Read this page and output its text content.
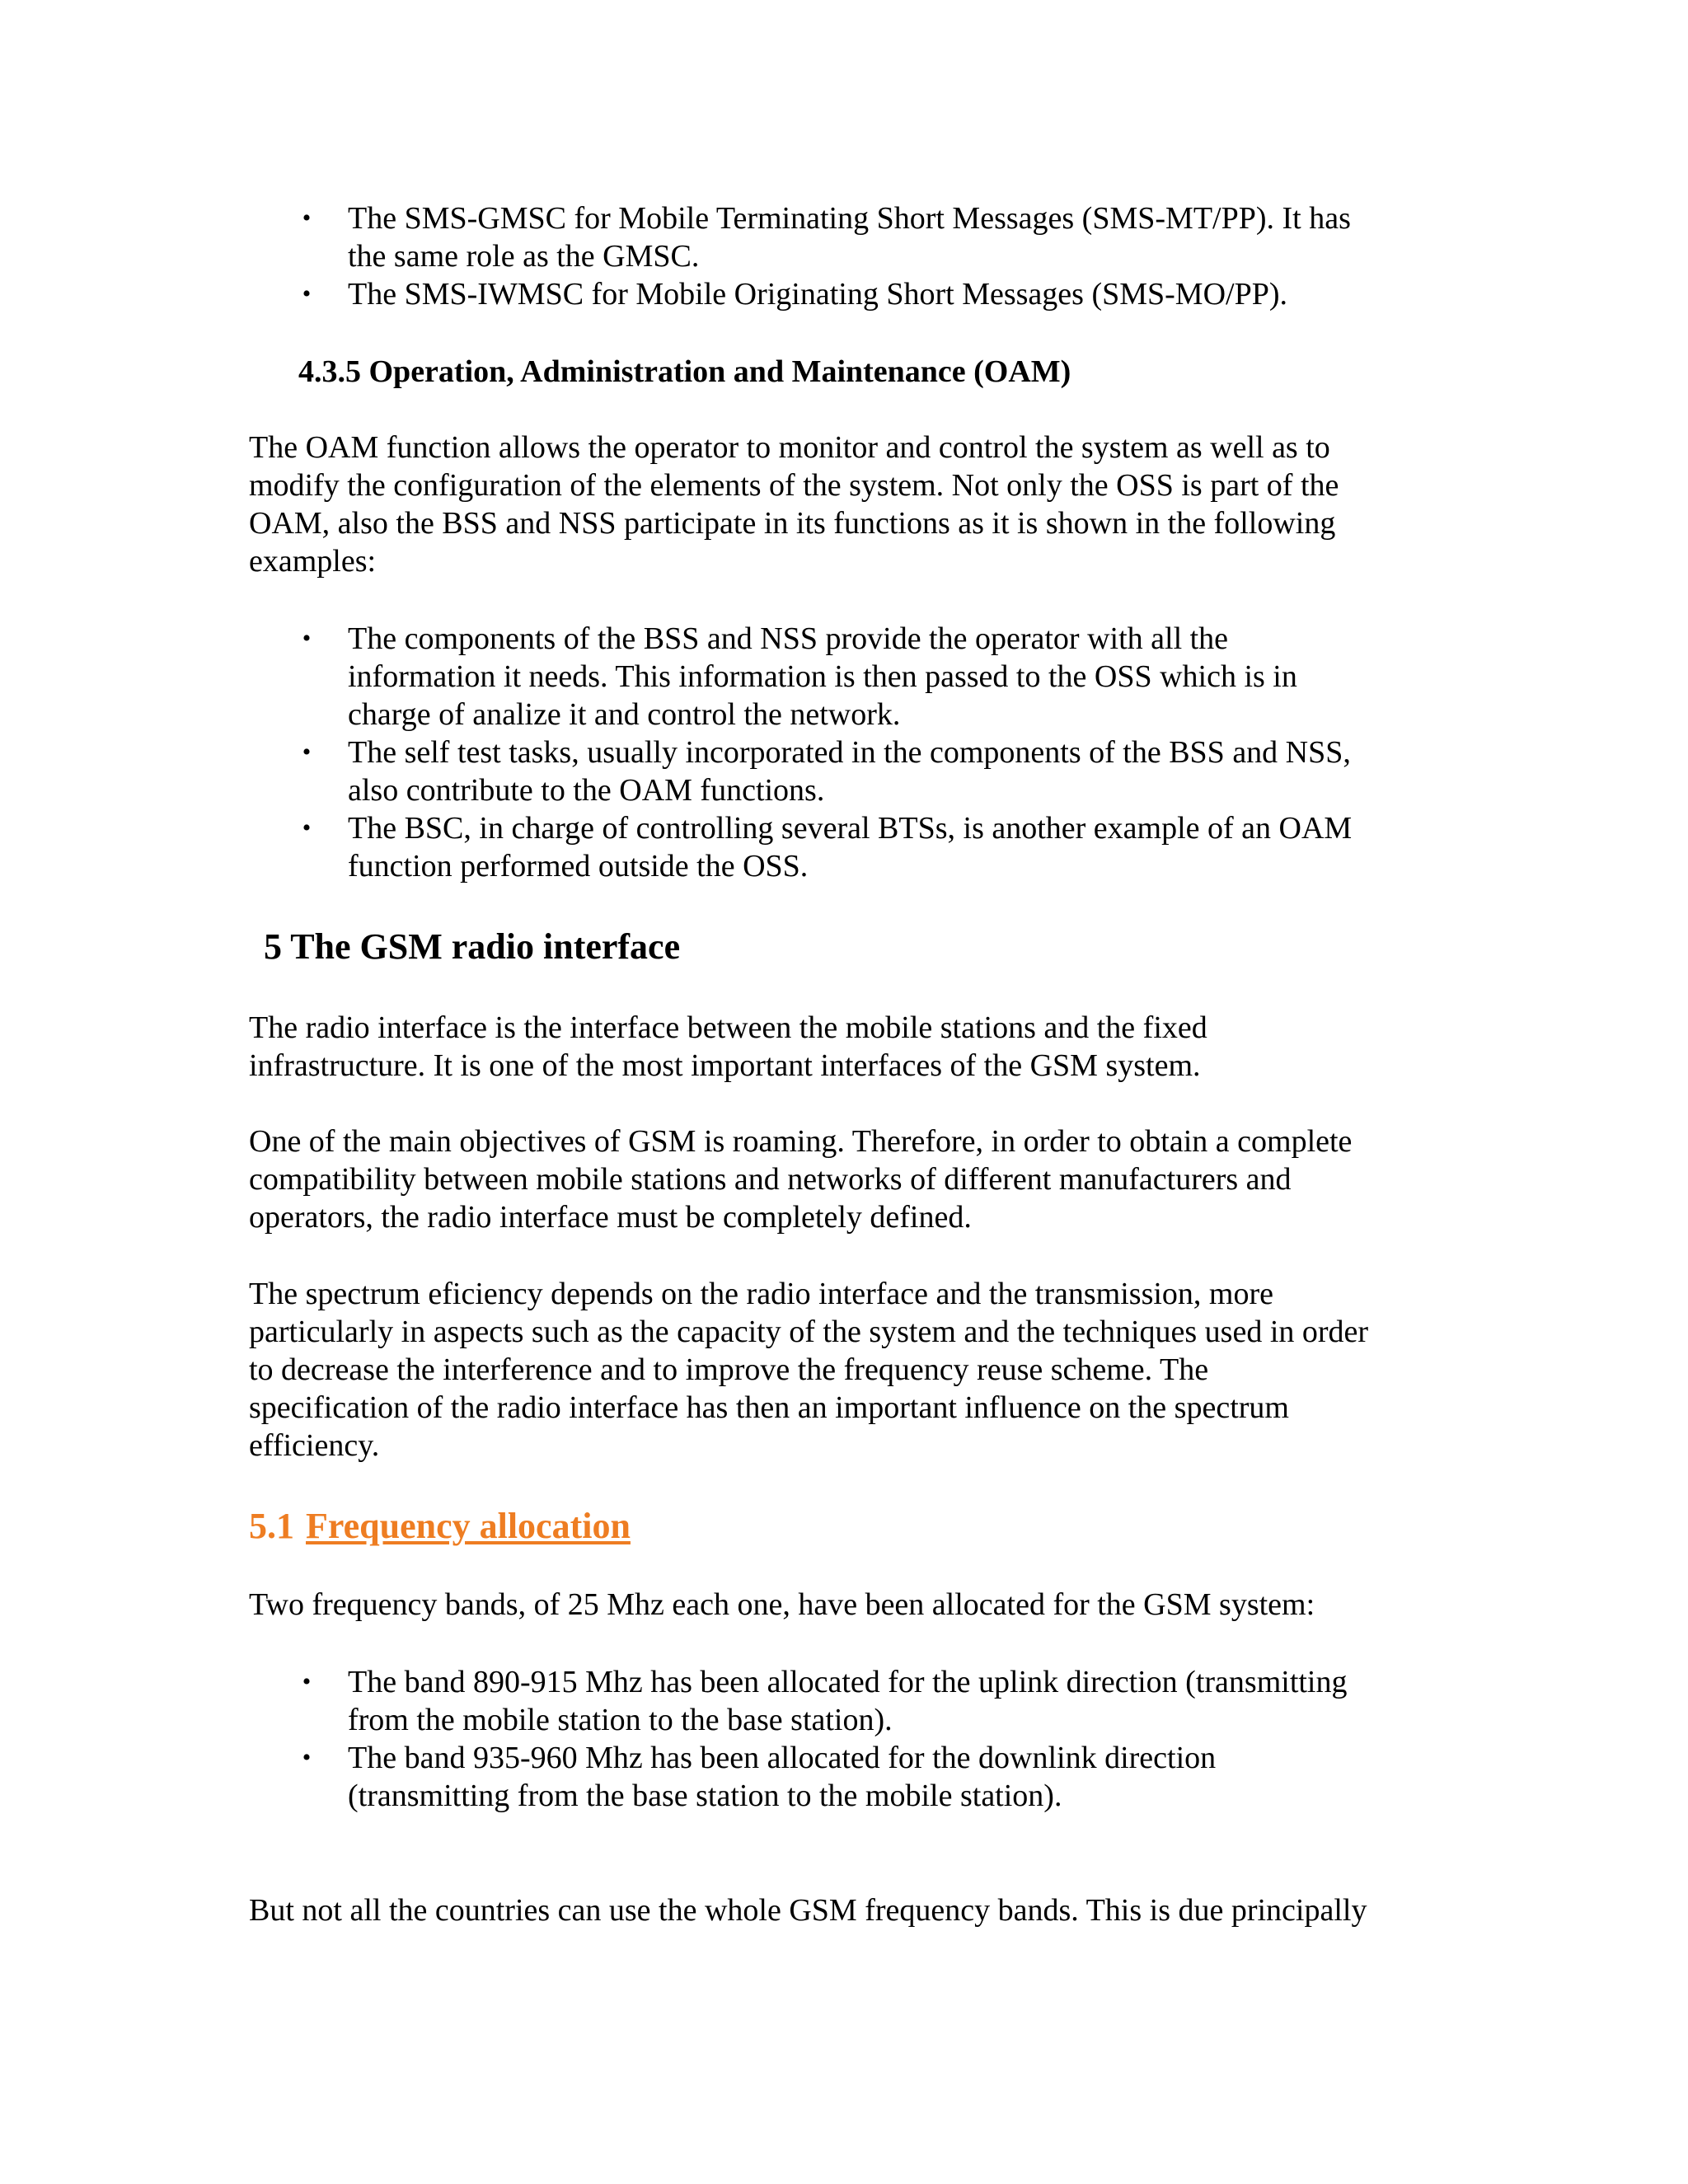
• The SMS-GMSC for Mobile Terminating Short Messages (SMS-MT/PP). It has
the same role as the GMSC.
• The SMS-IWMSC for Mobile Originating Short Messages (SMS-MO/PP).
4.3.5 Operation, Administration and Maintenance (OAM)

The OAM function allows the operator to monitor and control the system as well as to
modify the configuration of the elements of the system. Not only the OSS is part of the
OAM, also the BSS and NSS participate in its functions as it is shown in the following
examples:

• The components of the BSS and NSS provide the operator with all the
information it needs. This information is then passed to the OSS which is in
charge of analize it and control the network.
• The self test tasks, usually incorporated in the components of the BSS and NSS,
also contribute to the OAM functions.
• The BSC, in charge of controlling several BTSs, is another example of an OAM
function performed outside the OSS.
5 The GSM radio interface

The radio interface is the interface between the mobile stations and the fixed
infrastructure. It is one of the most important interfaces of the GSM system.

One of the main objectives of GSM is roaming. Therefore, in order to obtain a complete
compatibility between mobile stations and networks of different manufacturers and
operators, the radio interface must be completely defined.

The spectrum eficiency depends on the radio interface and the transmission, more
particularly in aspects such as the capacity of the system and the techniques used in order
to decrease the interference and to improve the frequency reuse scheme. The
specification of the radio interface has then an important influence on the spectrum
efficiency.

5.1 Frequency allocation

Two frequency bands, of 25 Mhz each one, have been allocated for the GSM system:

• The band 890-915 Mhz has been allocated for the uplink direction (transmitting
from the mobile station to the base station).
• The band 935-960 Mhz has been allocated for the downlink direction
(transmitting from the base station to the mobile station).

But not all the countries can use the whole GSM frequency bands. This is due principally
